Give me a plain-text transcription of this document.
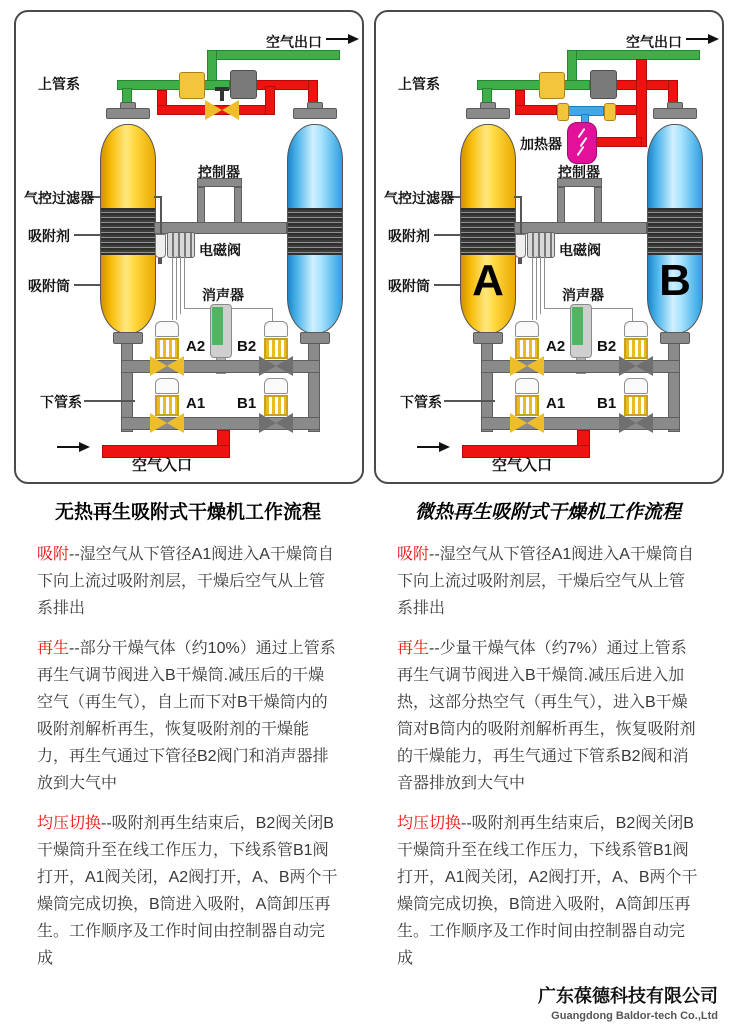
上管系
空气出口
气控过滤器
吸附剂
吸附筒
控制器
电磁阀
消声器
A2 B2
A1 B1
下管系
空气入口
A	B
上管系
空气出口
加热器
气控过滤器
吸附剂
吸附筒
控制器
电磁阀
消声器
A2 B2
A1 B1
下管系
空气入口
无热再生吸附式干燥机工作流程

吸附--湿空气从下管径A1阀进入A干燥筒自下向上流过吸附剂层，干燥后空气从上管系排出

再生--部分干燥气体（约10%）通过上管系再生气调节阀进入B干燥筒.减压后的干燥空气（再生气），自上而下对B干燥筒内的吸附剂解析再生，恢复吸附剂的干燥能力，再生气通过下管径B2阀门和消声器排放到大气中

均压切换--吸附剂再生结束后，B2阀关闭B干燥筒升至在线工作压力，下线系管B1阀打开，A1阀关闭，A2阀打开，A、B两个干燥筒完成切换，B筒进入吸附，A筒卸压再生。工作顺序及工作时间由控制器自动完成

微热再生吸附式干燥机工作流程

吸附--湿空气从下管径A1阀进入A干燥筒自下向上流过吸附剂层，干燥后空气从上管系排出

再生--少量干燥气体（约7%）通过上管系再生气调节阀进入B干燥筒.减压后进入加热，这部分热空气（再生气），进入B干燥筒对B筒内的吸附剂解析再生，恢复吸附剂的干燥能力，再生气通过下管系B2阀和消音器排放到大气中

均压切换--吸附剂再生结束后，B2阀关闭B干燥筒升至在线工作压力，下线系管B1阀打开，A1阀关闭，A2阀打开，A、B两个干燥筒完成切换，B筒进入吸附，A筒卸压再生。工作顺序及工作时间由控制器自动完成

广东葆德科技有限公司
Guangdong Baldor-tech Co.,Ltd
